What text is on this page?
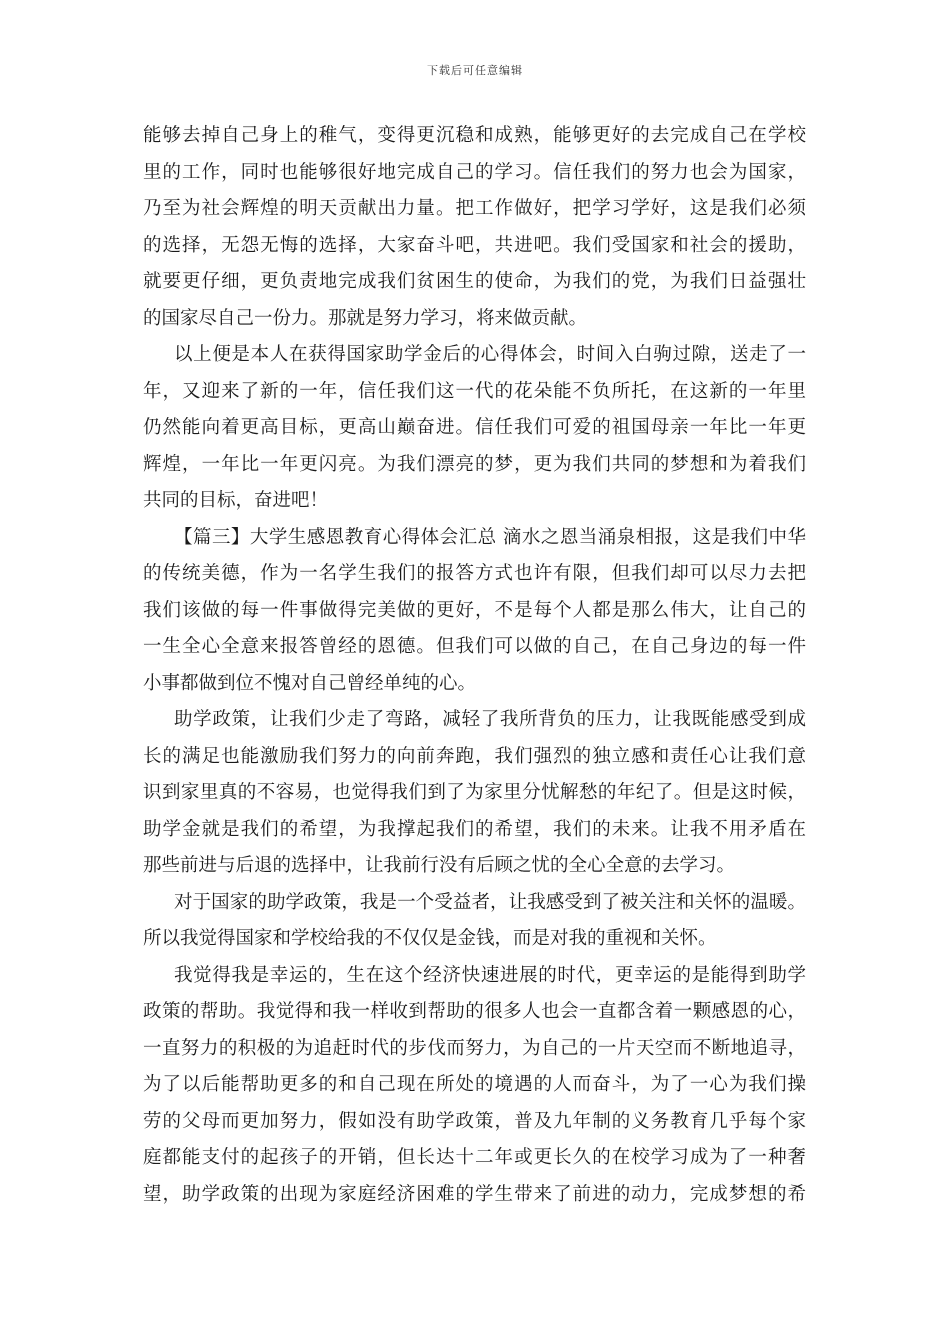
下载后可任意编辑
能够去掉自己身上的稚气，变得更沉稳和成熟，能够更好的去完成自己在学校
里的工作，同时也能够很好地完成自己的学习。信任我们的努力也会为国家，
乃至为社会辉煌的明天贡献出力量。把工作做好，把学习学好，这是我们必须
的选择，无怨无悔的选择，大家奋斗吧，共进吧。我们受国家和社会的援助，
就要更仔细，更负责地完成我们贫困生的使命，为我们的党，为我们日益强壮
的国家尽自己一份力。那就是努力学习，将来做贡献。
以上便是本人在获得国家助学金后的心得体会，时间入白驹过隙，送走了一
年，又迎来了新的一年，信任我们这一代的花朵能不负所托，在这新的一年里
仍然能向着更高目标，更高山巅奋进。信任我们可爱的祖国母亲一年比一年更
辉煌，一年比一年更闪亮。为我们漂亮的梦，更为我们共同的梦想和为着我们
共同的目标，奋进吧！
【篇三】大学生感恩教育心得体会汇总 滴水之恩当涌泉相报，这是我们中华
的传统美德，作为一名学生我们的报答方式也许有限，但我们却可以尽力去把
我们该做的每一件事做得完美做的更好，不是每个人都是那么伟大，让自己的
一生全心全意来报答曾经的恩德。但我们可以做的自己，在自己身边的每一件
小事都做到位不愧对自己曾经单纯的心。
助学政策，让我们少走了弯路，减轻了我所背负的压力，让我既能感受到成
长的满足也能激励我们努力的向前奔跑，我们强烈的独立感和责任心让我们意
识到家里真的不容易，也觉得我们到了为家里分忧解愁的年纪了。但是这时候，
助学金就是我们的希望，为我撑起我们的希望，我们的未来。让我不用矛盾在
那些前进与后退的选择中，让我前行没有后顾之忧的全心全意的去学习。
对于国家的助学政策，我是一个受益者，让我感受到了被关注和关怀的温暖。
所以我觉得国家和学校给我的不仅仅是金钱，而是对我的重视和关怀。
我觉得我是幸运的，生在这个经济快速进展的时代，更幸运的是能得到助学
政策的帮助。我觉得和我一样收到帮助的很多人也会一直都含着一颗感恩的心，
一直努力的积极的为追赶时代的步伐而努力，为自己的一片天空而不断地追寻，
为了以后能帮助更多的和自己现在所处的境遇的人而奋斗，为了一心为我们操
劳的父母而更加努力，假如没有助学政策，普及九年制的义务教育几乎每个家
庭都能支付的起孩子的开销，但长达十二年或更长久的在校学习成为了一种奢
望，助学政策的出现为家庭经济困难的学生带来了前进的动力，完成梦想的希
